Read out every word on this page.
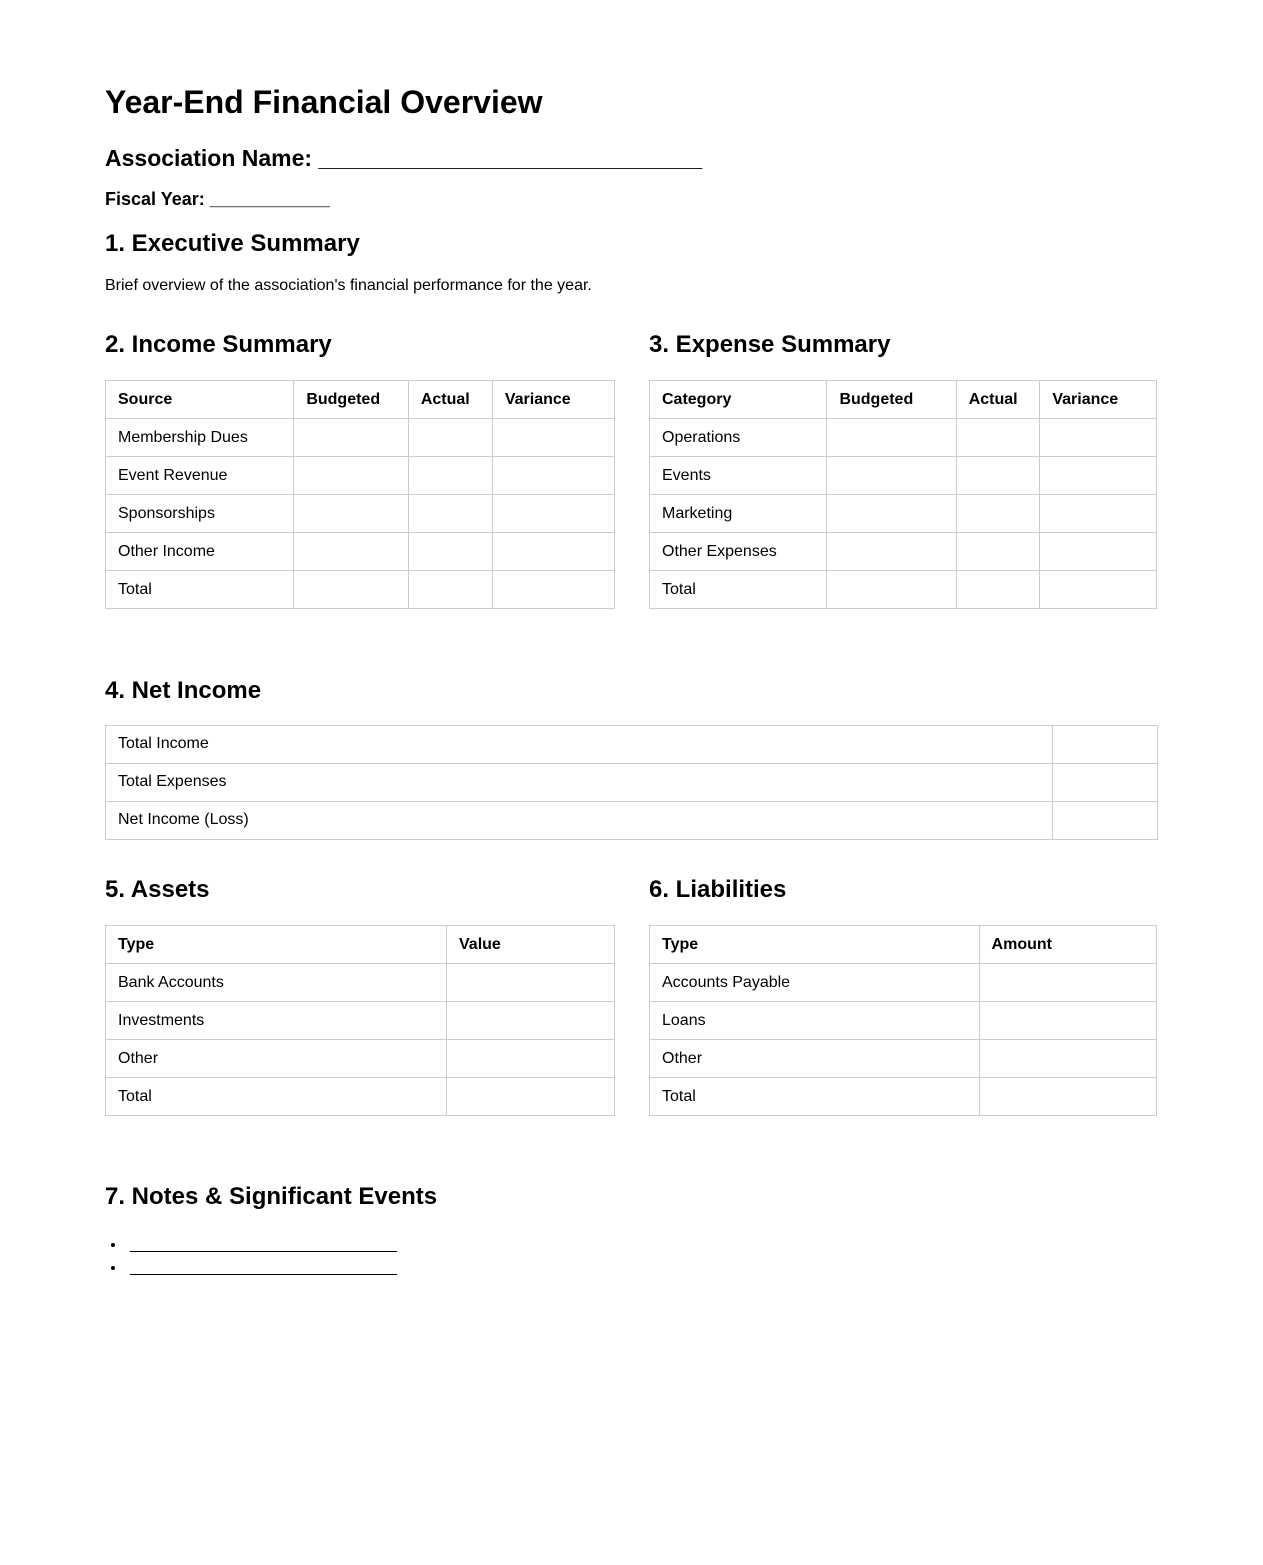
Year-End Financial Overview
Association Name: ______________________________
Fiscal Year: ____________
1. Executive Summary

Brief overview of the association's financial performance for the year.

2. Income Summary
Source	Budgeted	Actual	Variance
Membership Dues			
Event Revenue			
Sponsorships			
Other Income			
Total			
3. Expense Summary
Category	Budgeted	Actual	Variance
Operations			
Events			
Marketing			
Other Expenses			
Total			
4. Net Income
Total Income	
Total Expenses	
Net Income (Loss)	
5. Assets
Type	Value
Bank Accounts	
Investments	
Other	
Total	
6. Liabilities
Type	Amount
Accounts Payable	
Loans	
Other	
Total	
7. Notes & Significant Events
• ______________________________
• ______________________________
